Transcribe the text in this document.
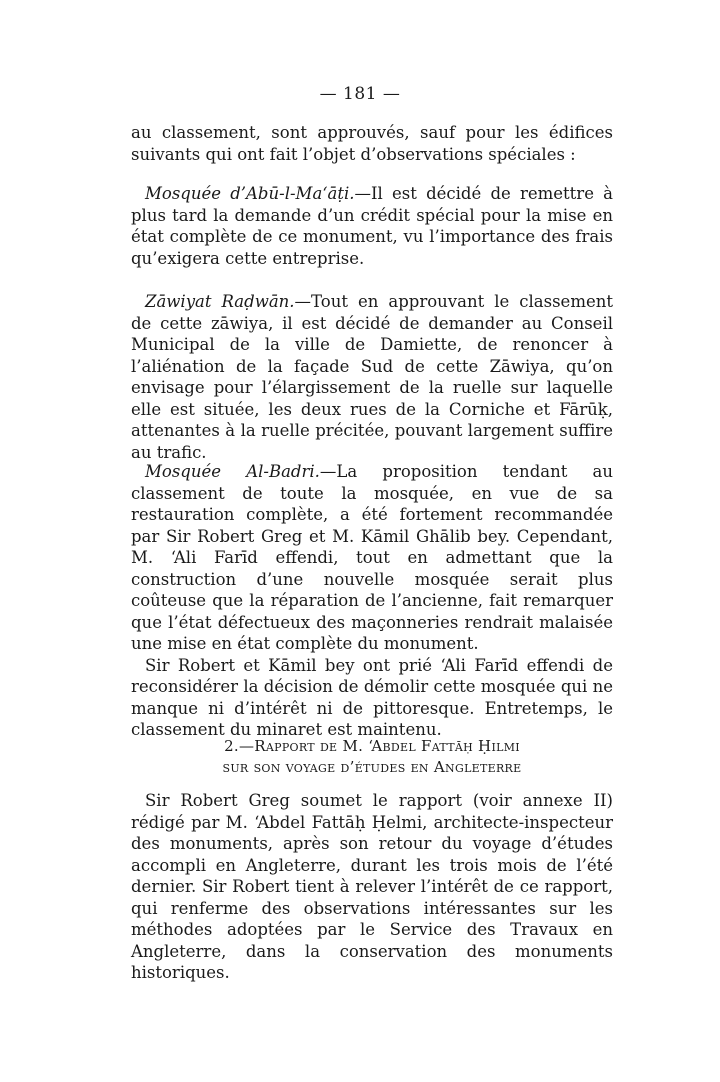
— 181 —

au classement, sont approuvés, sauf pour les édifices suivants qui ont fait l’objet d’observations spéciales :

Mosquée d’Abū-l-Ma‘āṭi.—Il est décidé de remettre à plus tard la demande d’un crédit spécial pour la mise en état complète de ce monument, vu l’importance des frais qu’exigera cette entreprise.

Zāwiyat Raḍwān.—Tout en approuvant le classement de cette zāwiya, il est décidé de demander au Conseil Municipal de la ville de Damiette, de renoncer à l’aliénation de la façade Sud de cette Zāwiya, qu’on envisage pour l’élargissement de la ruelle sur laquelle elle est située, les deux rues de la Corniche et Fārūḳ, attenantes à la ruelle précitée, pouvant largement suffire au trafic.

Mosquée Al-Badri.—La proposition tendant au classement de toute la mosquée, en vue de sa restauration complète, a été fortement recommandée par Sir Robert Greg et M. Kāmil Ghālib bey. Cependant, M. ‘Ali Farīd effendi, tout en admettant que la construction d’une nouvelle mosquée serait plus coûteuse que la réparation de l’ancienne, fait remarquer que l’état défectueux des maçonneries rendrait malaisée une mise en état complète du monument.

Sir Robert et Kāmil bey ont prié ‘Ali Farīd effendi de reconsidérer la décision de démolir cette mosquée qui ne manque ni d’intérêt ni de pittoresque. Entretemps, le classement du minaret est maintenu.

2.—Rapport de M. ‘Abdel Fattāḥ Ḥilmi
sur son voyage d’études en Angleterre

Sir Robert Greg soumet le rapport (voir annexe II) rédigé par M. ‘Abdel Fattāḥ Ḥelmi, architecte-inspecteur des monuments, après son retour du voyage d’études accompli en Angleterre, durant les trois mois de l’été dernier. Sir Robert tient à relever l’intérêt de ce rapport, qui renferme des observations intéressantes sur les méthodes adoptées par le Service des Travaux en Angleterre, dans la conservation des monuments historiques.
